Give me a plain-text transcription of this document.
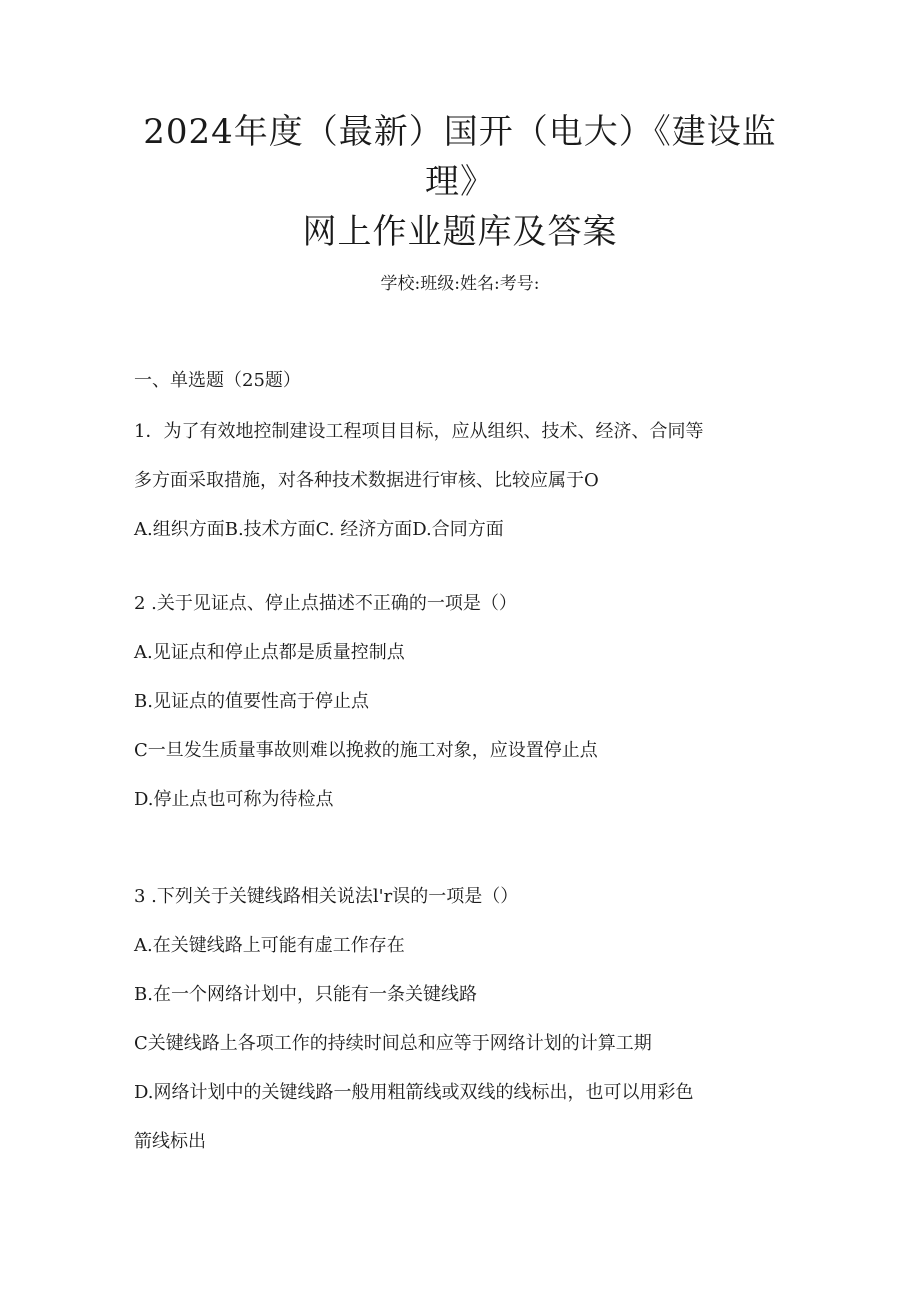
2024年度（最新）国开（电大）《建设监
理》
网上作业题库及答案
学校:班级:姓名:考号:
一、单选题（25题）
1．为了有效地控制建设工程项目目标，应从组织、技术、经济、合同等
多方面采取措施，对各种技术数据进行审核、比较应属于O
A.组织方面B.技术方面C. 经济方面D.合同方面
2 .关于见证点、停止点描述不正确的一项是（）
A.见证点和停止点都是质量控制点
B.见证点的值要性高于停止点
C一旦发生质量事故则难以挽救的施工对象，应设置停止点
D.停止点也可称为待检点
3 .下列关于关键线路相关说法l'r误的一项是（）
A.在关键线路上可能有虚工作存在
B.在一个网络计划中，只能有一条关键线路
C关键线路上各项工作的持续时间总和应等于网络计划的计算工期
D.网络计划中的关键线路一般用粗箭线或双线的线标出，也可以用彩色
箭线标出
